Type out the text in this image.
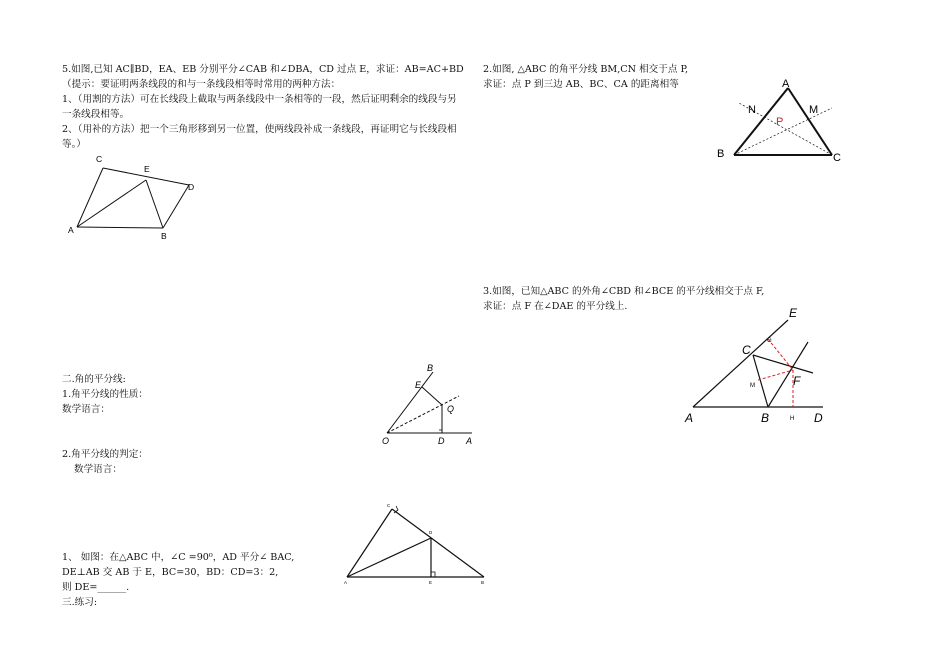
5.如图,已知 AC∥BD，EA、EB 分别平分∠CAB 和∠DBA，CD 过点 E，求证：AB=AC+BD
（提示：要证明两条线段的和与一条线段相等时常用的两种方法：
1、（用割的方法）可在长线段上截取与两条线段中一条相等的一段，然后证明剩余的线段与另
一条线段相等。
2、（用补的方法）把一个三角形移到另一位置，使两线段补成一条线段，再证明它与长线段相
等。）
C
E
D
A
B
二.角的平分线:
1.角平分线的性质：
数学语言：
2.角平分线的判定：
数学语言：
B
E
Q
O	D A
1、 如图：在△ABC 中，∠C =90⁰，AD 平分∠ BAC,
DE⊥AB 交 AB 于 E，BC=30，BD：CD=3：2,
则 DE=______.
三.练习:
C
D
A	E	B
2.如图, △ABC 的角平分线 BM,CN 相交于点 P,
求证：点 P 到三边 AB、BC、CA 的距离相等	A
N	M
P
B	C
3.如图，已知△ABC 的外角∠CBD 和∠BCE 的平分线相交于点 F,
求证：点 F 在∠DAE 的平分线上.	E
G
C
M	F
A	B	H D
